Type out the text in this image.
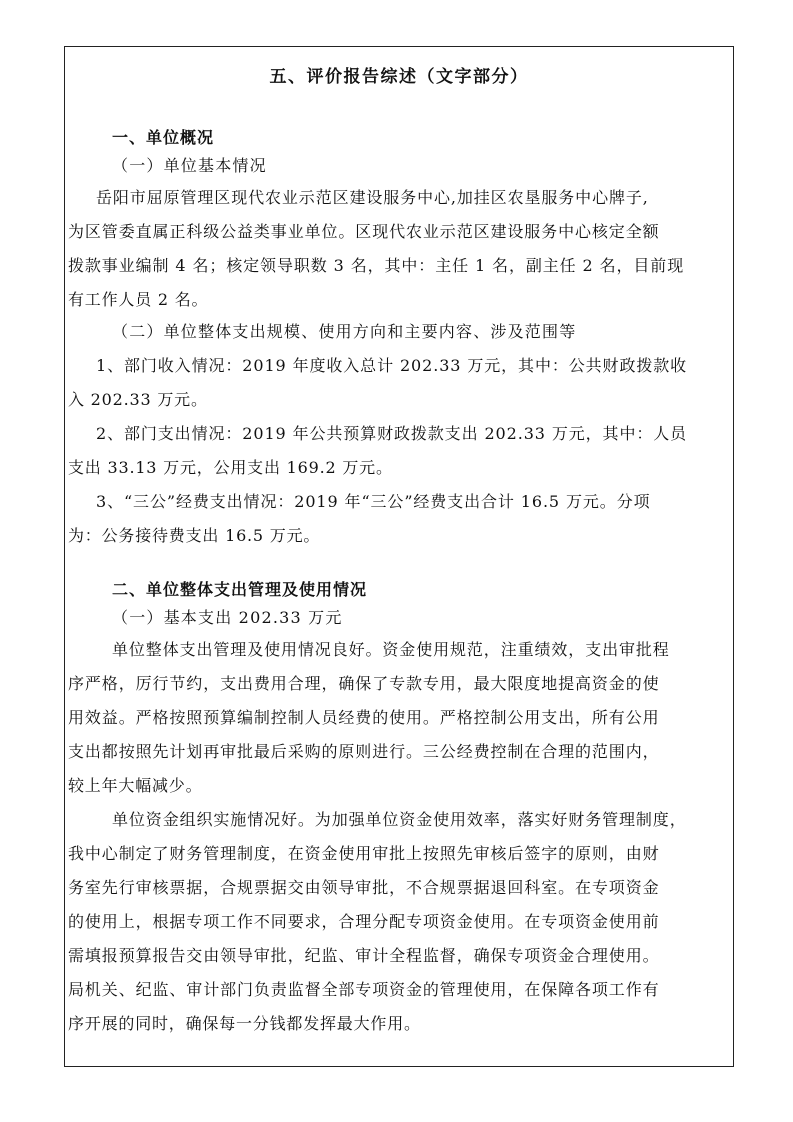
五、评价报告综述（文字部分）
一、单位概况
（一）单位基本情况
岳阳市屈原管理区现代农业示范区建设服务中心,加挂区农垦服务中心牌子,
为区管委直属正科级公益类事业单位。区现代农业示范区建设服务中心核定全额
拨款事业编制 4 名；核定领导职数 3 名，其中：主任 1 名，副主任 2 名，目前现
有工作人员 2 名。
（二）单位整体支出规模、使用方向和主要内容、涉及范围等
1、部门收入情况：2019 年度收入总计 202.33 万元，其中：公共财政拨款收
入 202.33 万元。
2、部门支出情况：2019 年公共预算财政拨款支出 202.33 万元，其中：人员
支出 33.13 万元，公用支出 169.2 万元。
3、“三公”经费支出情况：2019 年“三公”经费支出合计 16.5 万元。分项
为：公务接待费支出 16.5 万元。
二、单位整体支出管理及使用情况
（一）基本支出 202.33 万元
单位整体支出管理及使用情况良好。资金使用规范，注重绩效，支出审批程
序严格，厉行节约，支出费用合理，确保了专款专用，最大限度地提高资金的使
用效益。严格按照预算编制控制人员经费的使用。严格控制公用支出，所有公用
支出都按照先计划再审批最后采购的原则进行。三公经费控制在合理的范围内，
较上年大幅减少。
单位资金组织实施情况好。为加强单位资金使用效率，落实好财务管理制度，
我中心制定了财务管理制度，在资金使用审批上按照先审核后签字的原则，由财
务室先行审核票据，合规票据交由领导审批，不合规票据退回科室。在专项资金
的使用上，根据专项工作不同要求，合理分配专项资金使用。在专项资金使用前
需填报预算报告交由领导审批，纪监、审计全程监督，确保专项资金合理使用。
局机关、纪监、审计部门负责监督全部专项资金的管理使用，在保障各项工作有
序开展的同时，确保每一分钱都发挥最大作用。
